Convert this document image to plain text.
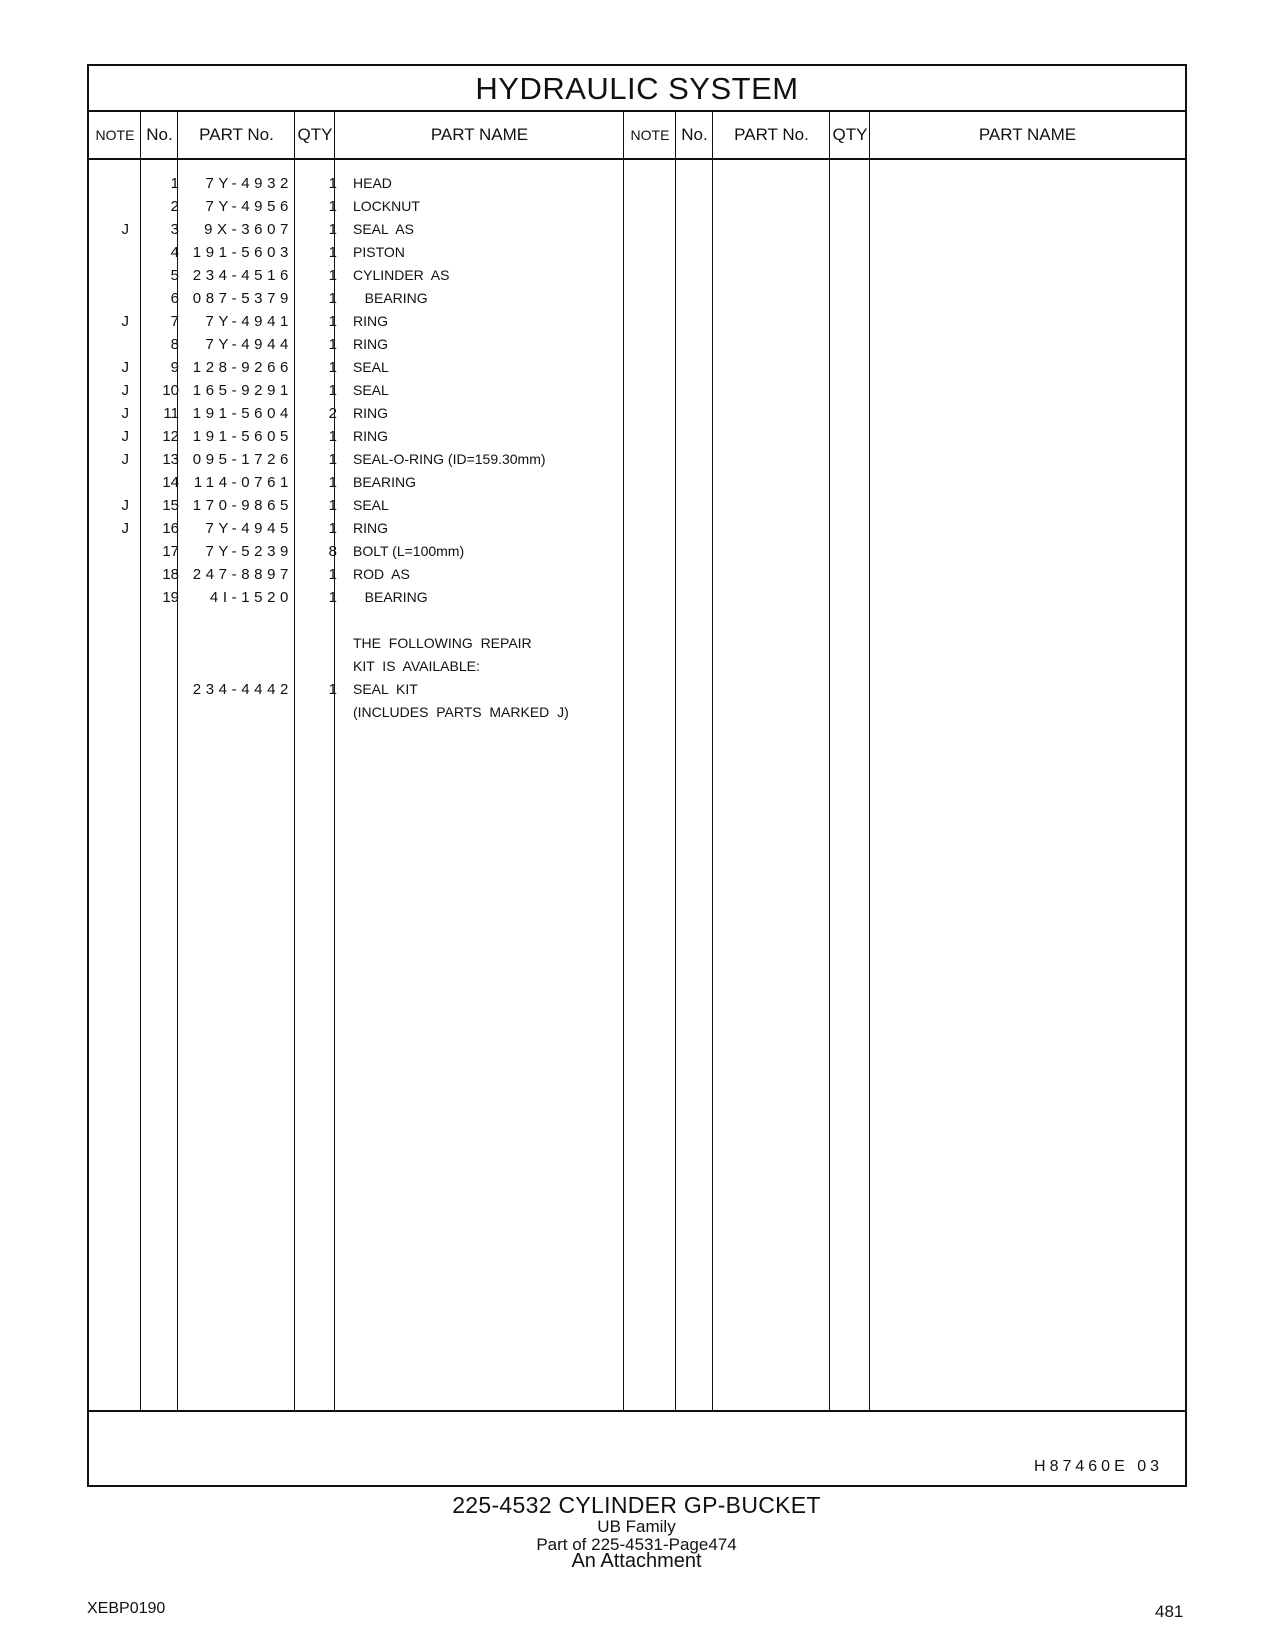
HYDRAULIC SYSTEM
NOTE No.	PART No.	QTY	PART NAME	NOTE No.	PART No.	QTY	PART NAME
1	7Y-4932	1 HEAD
2	7Y-4956	1 LOCKNUT
J	3	9X-3607	1 SEAL  AS
4 191-5603	1 PISTON
5 234-4516	1 CYLINDER  AS
6 087-5379	1 BEARING
J	7	7Y-4941	1 RING
8	7Y-4944	1 RING
J	9 128-9266	1 SEAL
J	10 165-9291	1 SEAL
J	11 191-5604	2 RING
J	12 191-5605	1 RING
J	13 095-1726	1 SEAL-O-RING (ID=159.30mm)
14 114-0761	1 BEARING
J	15 170-9865	1 SEAL
J	16	7Y-4945	1 RING
17	7Y-5239	8 BOLT (L=100mm)
18 247-8897	1 ROD  AS
19	4I-1520	1 BEARING
THE  FOLLOWING  REPAIR
KIT  IS  AVAILABLE:
234-4442	1 SEAL  KIT
(INCLUDES  PARTS  MARKED  J)
H87460E 03
225-4532 CYLINDER GP-BUCKET
UB Family
Part of 225-4531-Page474
An Attachment
XEBP0190	481
